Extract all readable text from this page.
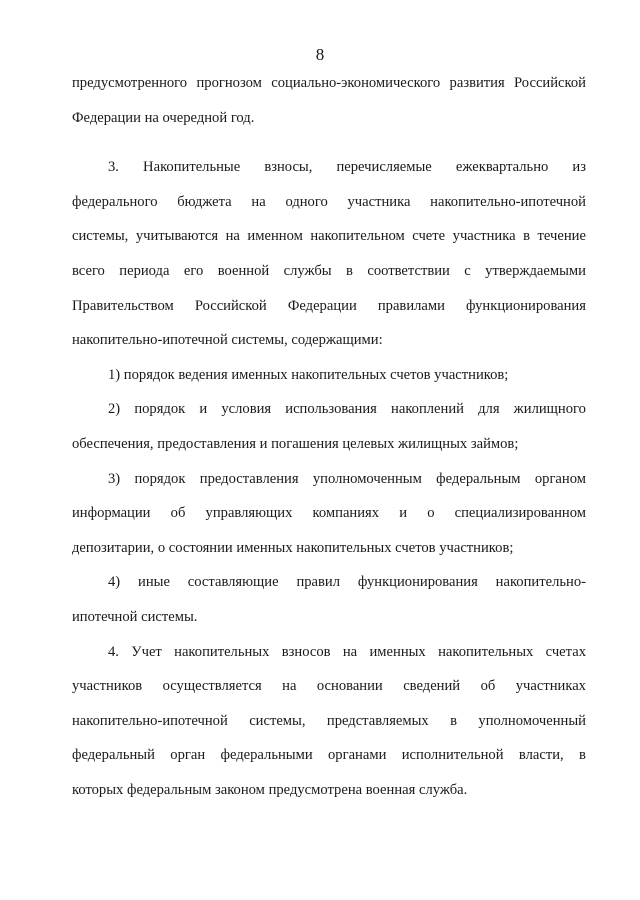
8

предусмотренного прогнозом социально-экономического развития Российской
Федерации на очередной год.

3. Накопительные взносы, перечисляемые ежеквартально из
федерального бюджета на одного участника накопительно-ипотечной
системы, учитываются на именном накопительном счете участника в течение
всего периода его военной службы в соответствии с утверждаемыми
Правительством Российской Федерации правилами функционирования
накопительно-ипотечной системы, содержащими:

1) порядок ведения именных накопительных счетов участников;

2) порядок и условия использования накоплений для жилищного
обеспечения, предоставления и погашения целевых жилищных займов;

3) порядок предоставления уполномоченным федеральным органом
информации об управляющих компаниях и о специализированном
депозитарии, о состоянии именных накопительных счетов участников;

4) иные составляющие правил функционирования накопительно-
ипотечной системы.

4. Учет накопительных взносов на именных накопительных счетах
участников осуществляется на основании сведений об участниках
накопительно-ипотечной системы, представляемых в уполномоченный
федеральный орган федеральными органами исполнительной власти, в
которых федеральным законом предусмотрена военная служба.
